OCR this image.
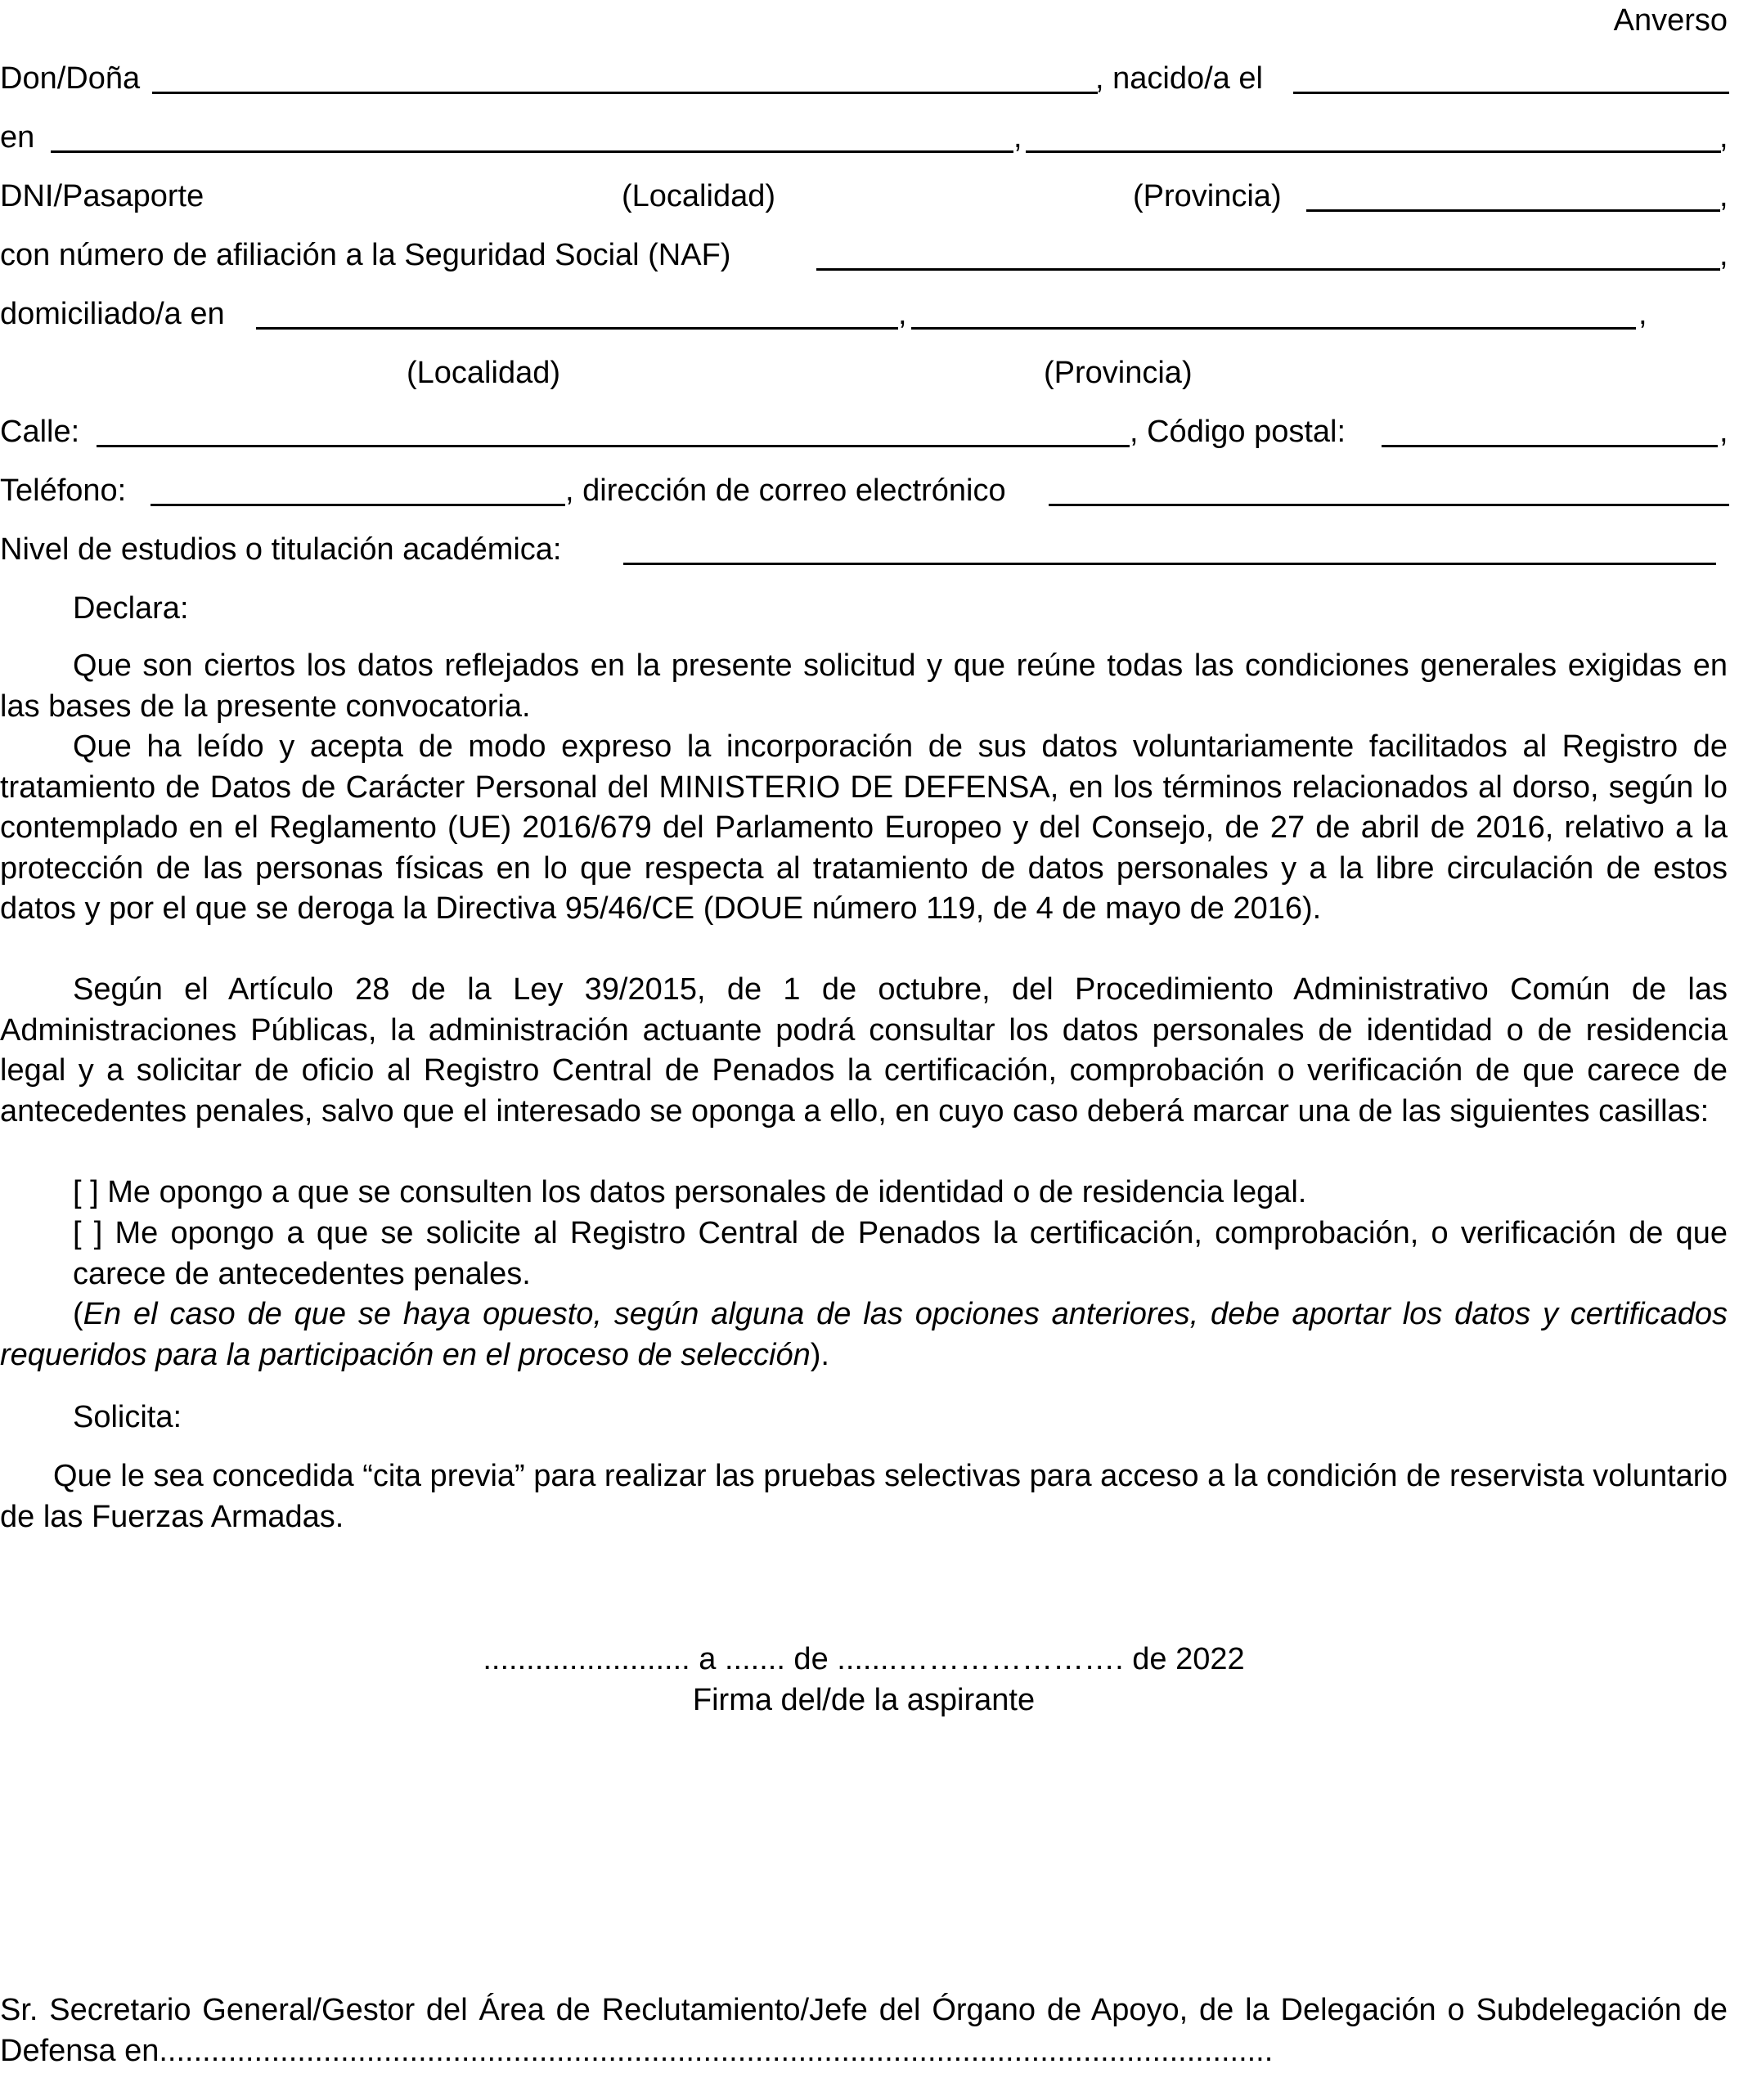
Anverso
Don/Doña	, nacido/a el
en	,	,
DNI/Pasaporte	(Localidad)	(Provincia)	,
con número de afiliación a la Seguridad Social (NAF)	,
domiciliado/a en	,	,
(Localidad)	(Provincia)
Calle:	, Código postal:	,
Teléfono:	, dirección de correo electrónico
Nivel de estudios o titulación académica:
Declara:
Que son ciertos los datos reflejados en la presente solicitud y que reúne todas las condiciones generales exigidas en las bases de la presente convocatoria.
Que ha leído y acepta de modo expreso la incorporación de sus datos voluntariamente facilitados al Registro de tratamiento de Datos de Carácter Personal del MINISTERIO DE DEFENSA, en los términos relacionados al dorso, según lo contemplado en el Reglamento (UE) 2016/679 del Parlamento Europeo y del Consejo, de 27 de abril de 2016, relativo a la protección de las personas físicas en lo que respecta al tratamiento de datos personales y a la libre circulación de estos datos y por el que se deroga la Directiva 95/46/CE (DOUE número 119, de 4 de mayo de 2016).
Según el Artículo 28 de la Ley 39/2015, de 1 de octubre, del Procedimiento Administrativo Común de las Administraciones Públicas, la administración actuante podrá consultar los datos personales de identidad o de residencia legal y a solicitar de oficio al Registro Central de Penados la certificación, comprobación o verificación de que carece de antecedentes penales, salvo que el interesado se oponga a ello, en cuyo caso deberá marcar una de las siguientes casillas:
[ ] Me opongo a que se consulten los datos personales de identidad o de residencia legal.
[ ] Me opongo a que se solicite al Registro Central de Penados la certificación, comprobación, o verificación de que carece de antecedentes penales.
(En el caso de que se haya opuesto, según alguna de las opciones anteriores, debe aportar los datos y certificados requeridos para la participación en el proceso de selección).
Solicita:
Que le sea concedida “cita previa” para realizar las pruebas selectivas para acceso a la condición de reservista voluntario de las Fuerzas Armadas.
........................ a ....... de .......…………………. de 2022
Firma del/de la aspirante
Sr. Secretario General/Gestor del Área de Reclutamiento/Jefe del Órgano de Apoyo, de la Delegación o Subdelegación de Defensa en.................................................................................................................................
